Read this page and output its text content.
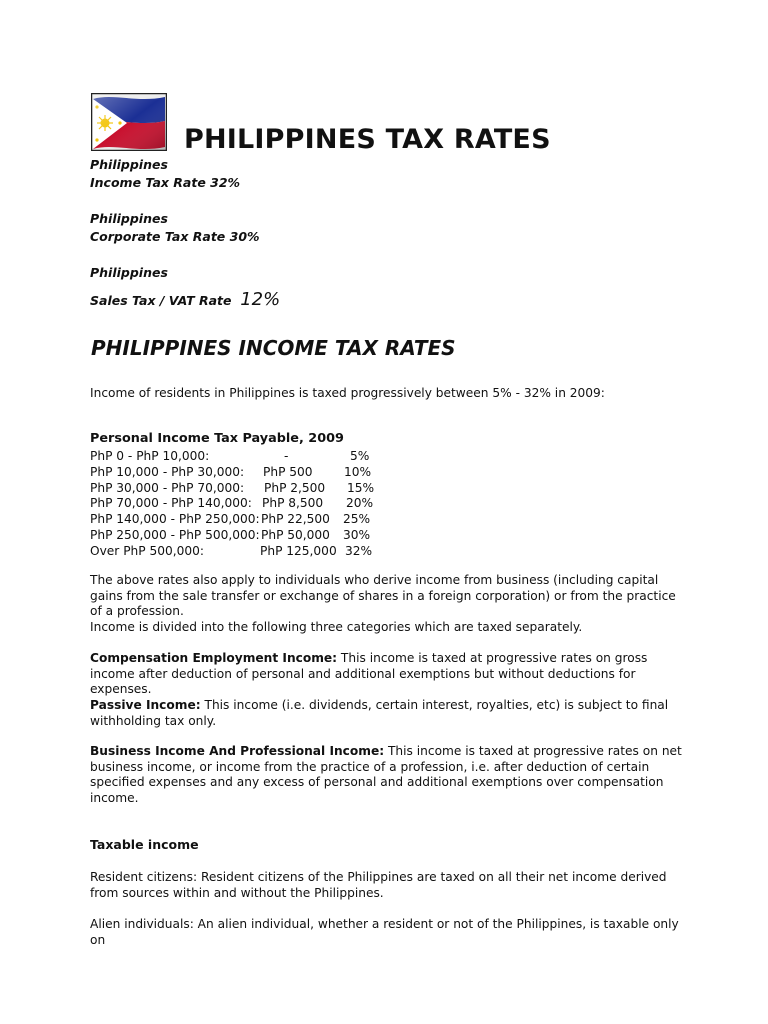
PHILIPPINES TAX RATES
Philippines
Income Tax Rate 32%
Philippines
Corporate Tax Rate 30%
Philippines
Sales Tax / VAT Rate 12%
PHILIPPINES INCOME TAX RATES
Income of residents in Philippines is taxed progressively between 5% - 32% in 2009:
Personal Income Tax Payable, 2009
PhP 0 - PhP 10,000:	-	5%
PhP 10,000 - PhP 30,000: PhP 500	10%
PhP 30,000 - PhP 70,000: PhP 2,500 15%
PhP 70,000 - PhP 140,000: PhP 8,500 20%
PhP 140,000 - PhP 250,000: PhP 22,500 25%
PhP 250,000 - PhP 500,000: PhP 50,000 30%
Over PhP 500,000:	PhP 125,000 32%
The above rates also apply to individuals who derive income from business (including capital gains from the sale transfer or exchange of shares in a foreign corporation) or from the practice of a profession.
Income is divided into the following three categories which are taxed separately.
Compensation Employment Income: This income is taxed at progressive rates on gross income after deduction of personal and additional exemptions but without deductions for expenses.
Passive Income: This income (i.e. dividends, certain interest, royalties, etc) is subject to final withholding tax only.
Business Income And Professional Income: This income is taxed at progressive rates on net business income, or income from the practice of a profession, i.e. after deduction of certain specified expenses and any excess of personal and additional exemptions over compensation income.
Taxable income
Resident citizens: Resident citizens of the Philippines are taxed on all their net income derived from sources within and without the Philippines.
Alien individuals: An alien individual, whether a resident or not of the Philippines, is taxable only on
